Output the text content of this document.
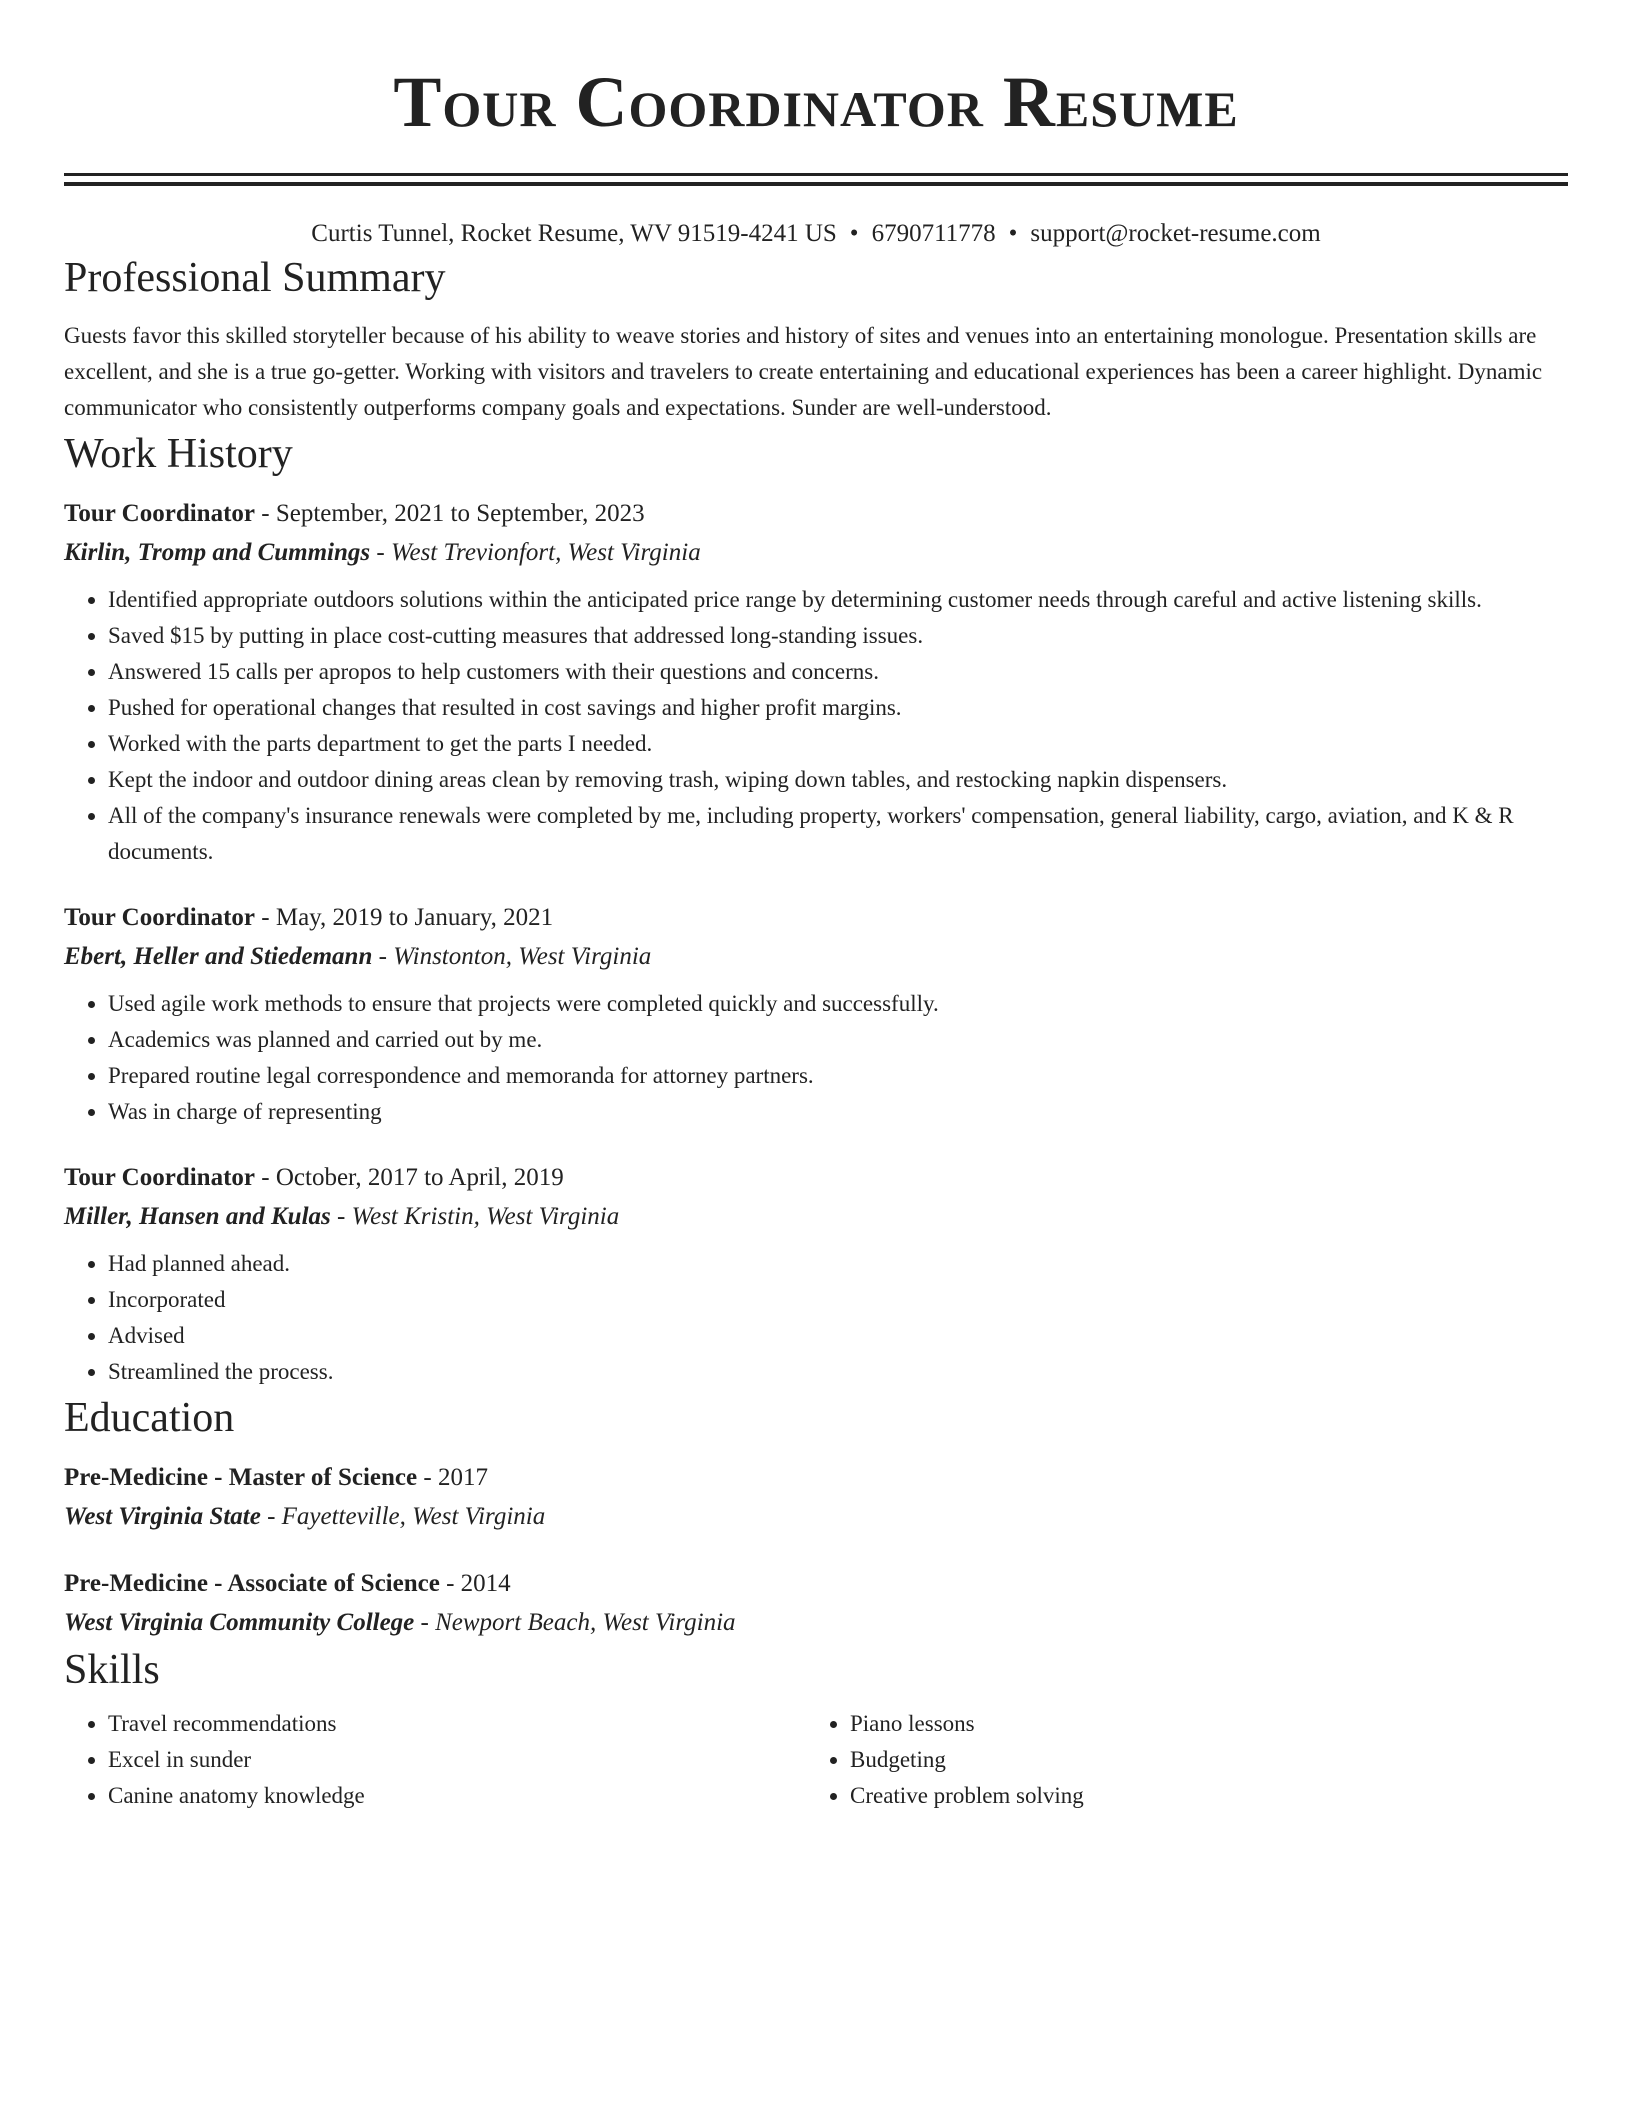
Tour Coordinator Resume
Curtis Tunnel, Rocket Resume, WV 91519-4241 US • 6790711778 • support@rocket-resume.com
Professional Summary

Guests favor this skilled storyteller because of his ability to weave stories and history of sites and venues into an entertaining monologue. Presentation skills are excellent, and she is a true go-getter. Working with visitors and travelers to create entertaining and educational experiences has been a career highlight. Dynamic communicator who consistently outperforms company goals and expectations. Sunder are well-understood.

Work History
Tour Coordinator - September, 2021 to September, 2023
Kirlin, Tromp and Cummings - West Trevionfort, West Virginia
• Identified appropriate outdoors solutions within the anticipated price range by determining customer needs through careful and active listening skills.
• Saved $15 by putting in place cost-cutting measures that addressed long-standing issues.
• Answered 15 calls per apropos to help customers with their questions and concerns.
• Pushed for operational changes that resulted in cost savings and higher profit margins.
• Worked with the parts department to get the parts I needed.
• Kept the indoor and outdoor dining areas clean by removing trash, wiping down tables, and restocking napkin dispensers.
• All of the company's insurance renewals were completed by me, including property, workers' compensation, general liability, cargo, aviation, and K & R documents.
Tour Coordinator - May, 2019 to January, 2021
Ebert, Heller and Stiedemann - Winstonton, West Virginia
• Used agile work methods to ensure that projects were completed quickly and successfully.
• Academics was planned and carried out by me.
• Prepared routine legal correspondence and memoranda for attorney partners.
• Was in charge of representing
Tour Coordinator - October, 2017 to April, 2019
Miller, Hansen and Kulas - West Kristin, West Virginia
• Had planned ahead.
• Incorporated
• Advised
• Streamlined the process.
Education
Pre-Medicine - Master of Science - 2017
West Virginia State - Fayetteville, West Virginia
Pre-Medicine - Associate of Science - 2014
West Virginia Community College - Newport Beach, West Virginia
Skills
• Travel recommendations
• Excel in sunder
• Canine anatomy knowledge
• Piano lessons
• Budgeting
• Creative problem solving
